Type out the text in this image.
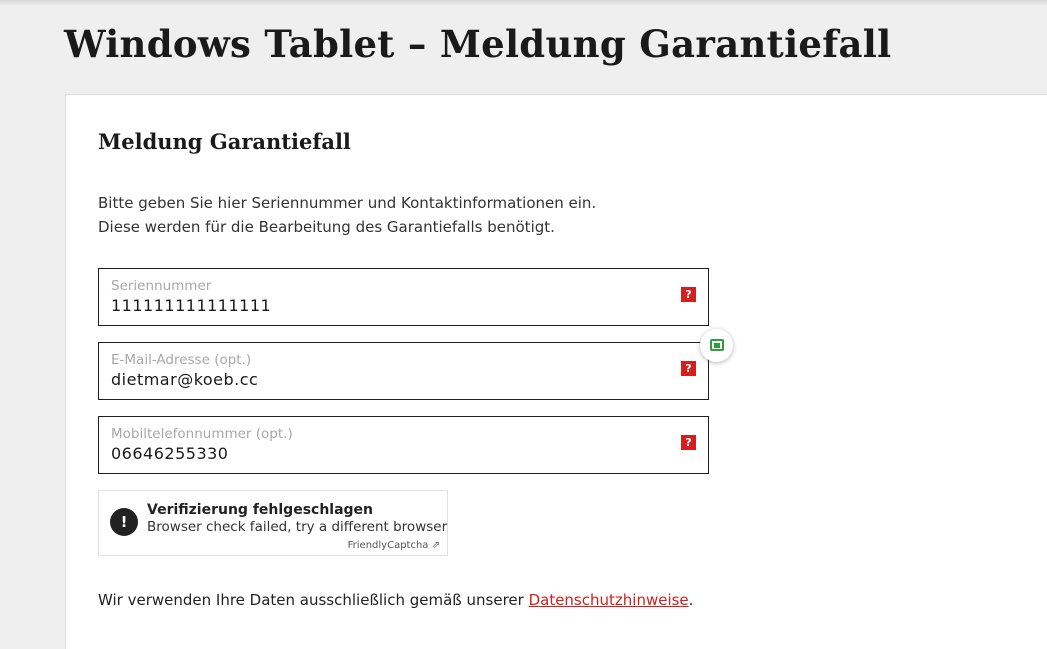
Windows Tablet – Meldung Garantiefall
Meldung Garantiefall

Bitte geben Sie hier Seriennummer und Kontaktinformationen ein.

Diese werden für die Bearbeitung des Garantiefalls benötigt.

Seriennummer
111111111111111
?
E-Mail-Adresse (opt.)
dietmar@koeb.cc
?
Mobiltelefonnummer (opt.)
06646255330
?
!
Verifizierung fehlgeschlagen
Browser check failed, try a different browser
FriendlyCaptcha ⇗

Wir verwenden Ihre Daten ausschließlich gemäß unserer Datenschutzhinweise.
